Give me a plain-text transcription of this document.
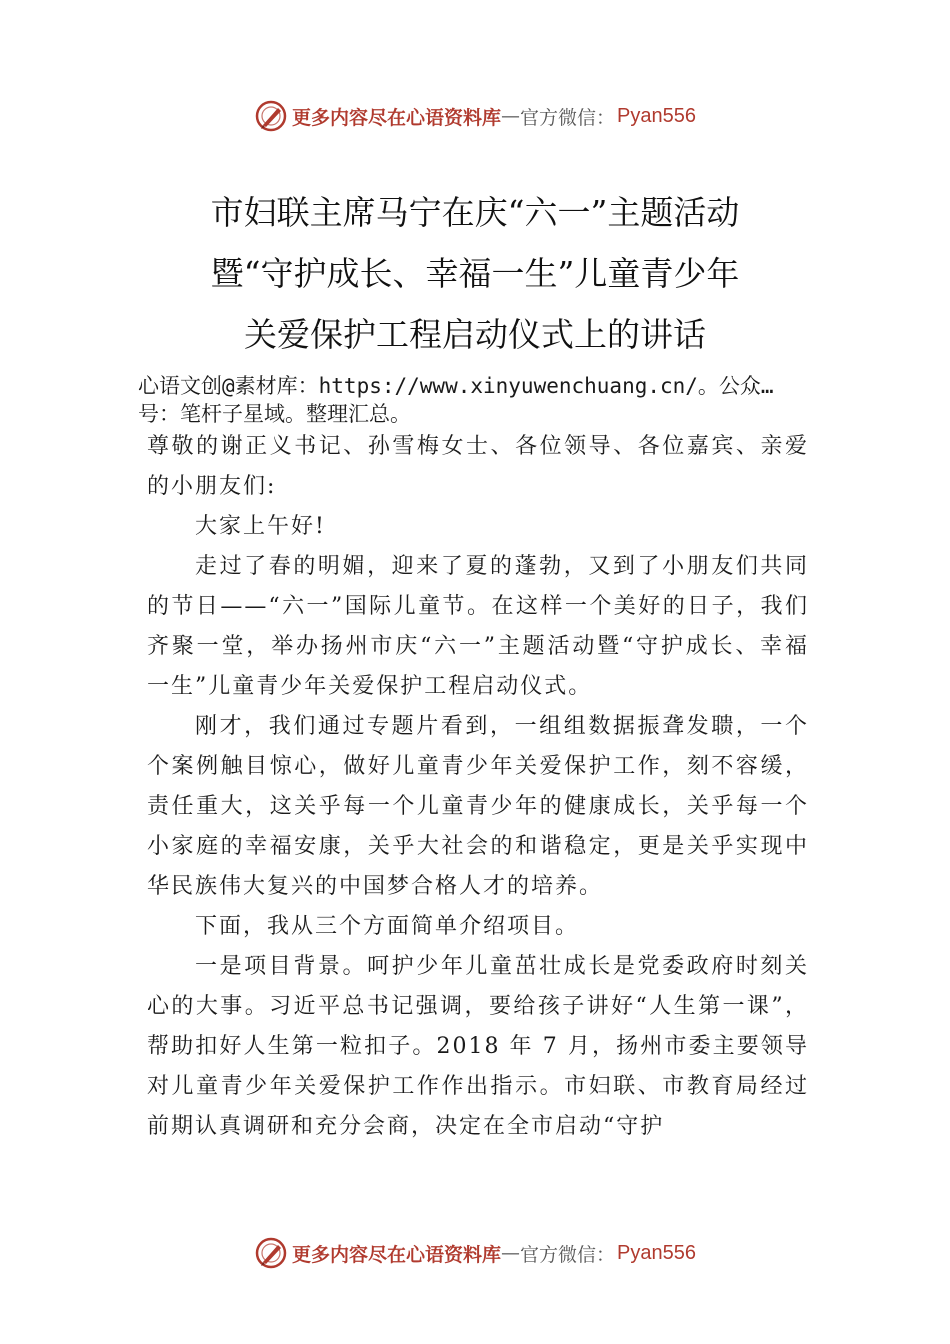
更多内容尽在心语资料库 — 官方微信： Pyan556
市妇联主席马宁在庆“六一”主题活动
暨“守护成长、幸福一生”儿童青少年
关爱保护工程启动仪式上的讲话
心语文创@素材库：https://www.xinyuwenchuang.cn/。公众…
号：笔杆子星域。整理汇总。

尊敬的谢正义书记、孙雪梅女士、各位领导、各位嘉宾、亲爱的小朋友们:

大家上午好!

走过了春的明媚，迎来了夏的蓬勃，又到了小朋友们共同的节日——“六一”国际儿童节。在这样一个美好的日子，我们齐聚一堂，举办扬州市庆“六一”主题活动暨“守护成长、幸福一生”儿童青少年关爱保护工程启动仪式。

刚才，我们通过专题片看到，一组组数据振聋发聩，一个个案例触目惊心，做好儿童青少年关爱保护工作，刻不容缓，责任重大，这关乎每一个儿童青少年的健康成长，关乎每一个小家庭的幸福安康，关乎大社会的和谐稳定，更是关乎实现中华民族伟大复兴的中国梦合格人才的培养。

下面，我从三个方面简单介绍项目。

一是项目背景。呵护少年儿童茁壮成长是党委政府时刻关心的大事。习近平总书记强调，要给孩子讲好“人生第一课”，帮助扣好人生第一粒扣子。2018 年 7 月，扬州市委主要领导对儿童青少年关爱保护工作作出指示。市妇联、市教育局经过前期认真调研和充分会商，决定在全市启动“守护

更多内容尽在心语资料库 — 官方微信： Pyan556
